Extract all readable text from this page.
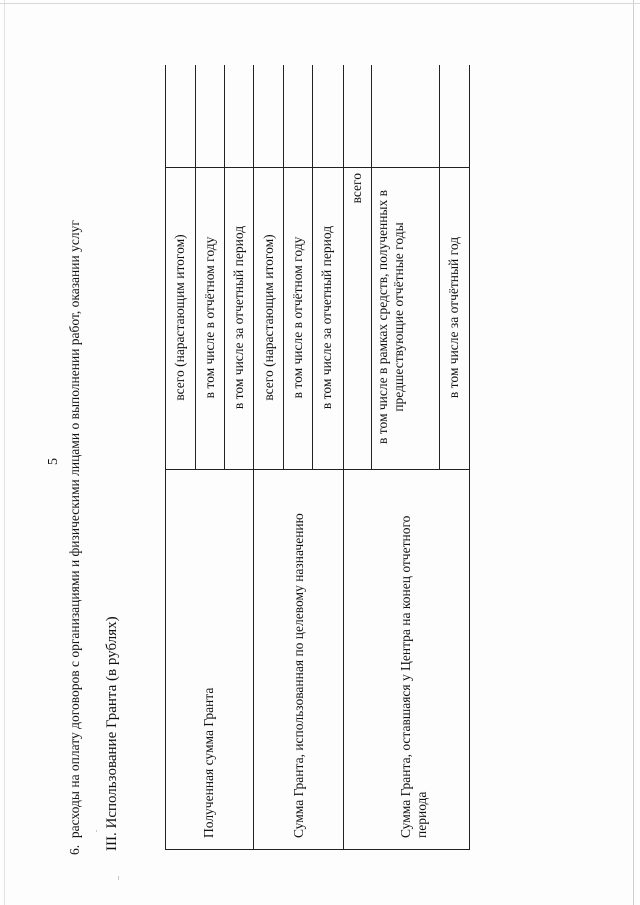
5
6.  расходы на оплату договоров с организациями и физическими лицами о выполнении работ, оказании услуг III. Использование Гранта (в рублях)	Полученная сумма Гранта
всего (нарастающим итогом) в том числе в отчётном году в том числе за отчетный период
Сумма Гранта, использованная по целевому назначению
всего (нарастающим итогом) в том числе в отчётном году в том числе за отчетный период
Сумма Гранта, оставшаяся у Центра на конец отчетного периода
всего
в том числе в рамках средств, полученных в предшествующие отчётные годы	в том числе за отчётный год
